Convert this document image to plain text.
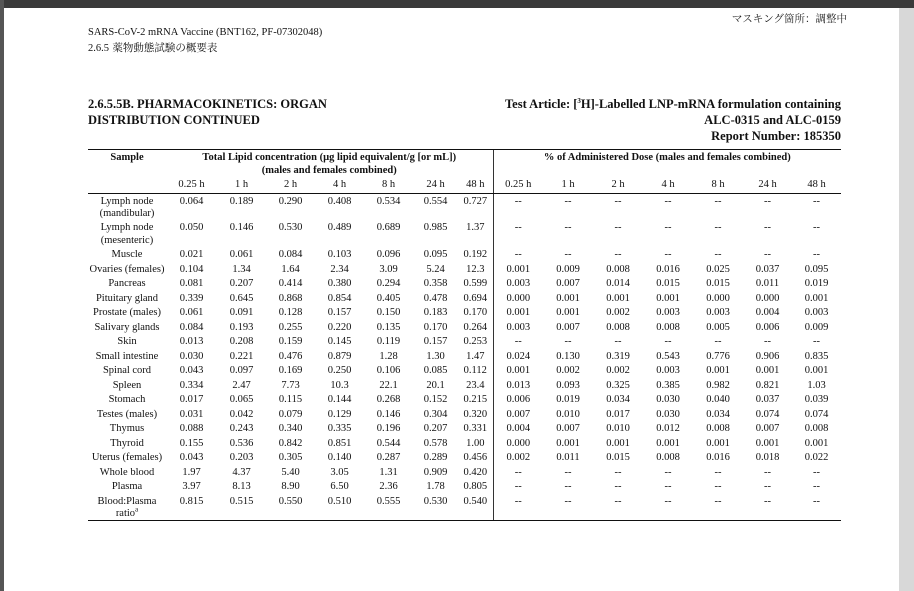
マスキング箇所：調整中
SARS-CoV-2 mRNA Vaccine (BNT162, PF-07302048)
2.6.5 薬物動態試験の概要表
2.6.5.5B. PHARMACOKINETICS: ORGAN
DISTRIBUTION CONTINUED
Test Article: [$^3$H]-Labelled LNP-mRNA formulation containing
ALC-0315 and ALC-0159
Report Number: 185350
Sample	Total Lipid concentration (µg lipid equivalent/g [or mL])							% of Administered Dose (males and females combined)						
	(males and females combined)													
	0.25 h	1 h	2 h	4 h	8 h	24 h	48 h	0.25 h	1 h	2 h	4 h	8 h	24 h	48 h
Lymph node (mandibular)	0.064	0.189	0.290	0.408	0.534	0.554	0.727	--	--	--	--	--	--	--
Lymph node (mesenteric)	0.050	0.146	0.530	0.489	0.689	0.985	1.37	--	--	--	--	--	--	--
Muscle	0.021	0.061	0.084	0.103	0.096	0.095	0.192	--	--	--	--	--	--	--
Ovaries (females)	0.104	1.34	1.64	2.34	3.09	5.24	12.3	0.001	0.009	0.008	0.016	0.025	0.037	0.095
Pancreas	0.081	0.207	0.414	0.380	0.294	0.358	0.599	0.003	0.007	0.014	0.015	0.015	0.011	0.019
Pituitary gland	0.339	0.645	0.868	0.854	0.405	0.478	0.694	0.000	0.001	0.001	0.001	0.000	0.000	0.001
Prostate (males)	0.061	0.091	0.128	0.157	0.150	0.183	0.170	0.001	0.001	0.002	0.003	0.003	0.004	0.003
Salivary glands	0.084	0.193	0.255	0.220	0.135	0.170	0.264	0.003	0.007	0.008	0.008	0.005	0.006	0.009
Skin	0.013	0.208	0.159	0.145	0.119	0.157	0.253	--	--	--	--	--	--	--
Small intestine	0.030	0.221	0.476	0.879	1.28	1.30	1.47	0.024	0.130	0.319	0.543	0.776	0.906	0.835
Spinal cord	0.043	0.097	0.169	0.250	0.106	0.085	0.112	0.001	0.002	0.002	0.003	0.001	0.001	0.001
Spleen	0.334	2.47	7.73	10.3	22.1	20.1	23.4	0.013	0.093	0.325	0.385	0.982	0.821	1.03
Stomach	0.017	0.065	0.115	0.144	0.268	0.152	0.215	0.006	0.019	0.034	0.030	0.040	0.037	0.039
Testes (males)	0.031	0.042	0.079	0.129	0.146	0.304	0.320	0.007	0.010	0.017	0.030	0.034	0.074	0.074
Thymus	0.088	0.243	0.340	0.335	0.196	0.207	0.331	0.004	0.007	0.010	0.012	0.008	0.007	0.008
Thyroid	0.155	0.536	0.842	0.851	0.544	0.578	1.00	0.000	0.001	0.001	0.001	0.001	0.001	0.001
Uterus (females)	0.043	0.203	0.305	0.140	0.287	0.289	0.456	0.002	0.011	0.015	0.008	0.016	0.018	0.022
Whole blood	1.97	4.37	5.40	3.05	1.31	0.909	0.420	--	--	--	--	--	--	--
Plasma	3.97	8.13	8.90	6.50	2.36	1.78	0.805	--	--	--	--	--	--	--
Blood:Plasma ratio$^a$	0.815	0.515	0.550	0.510	0.555	0.530	0.540	--	--	--	--	--	--	--
